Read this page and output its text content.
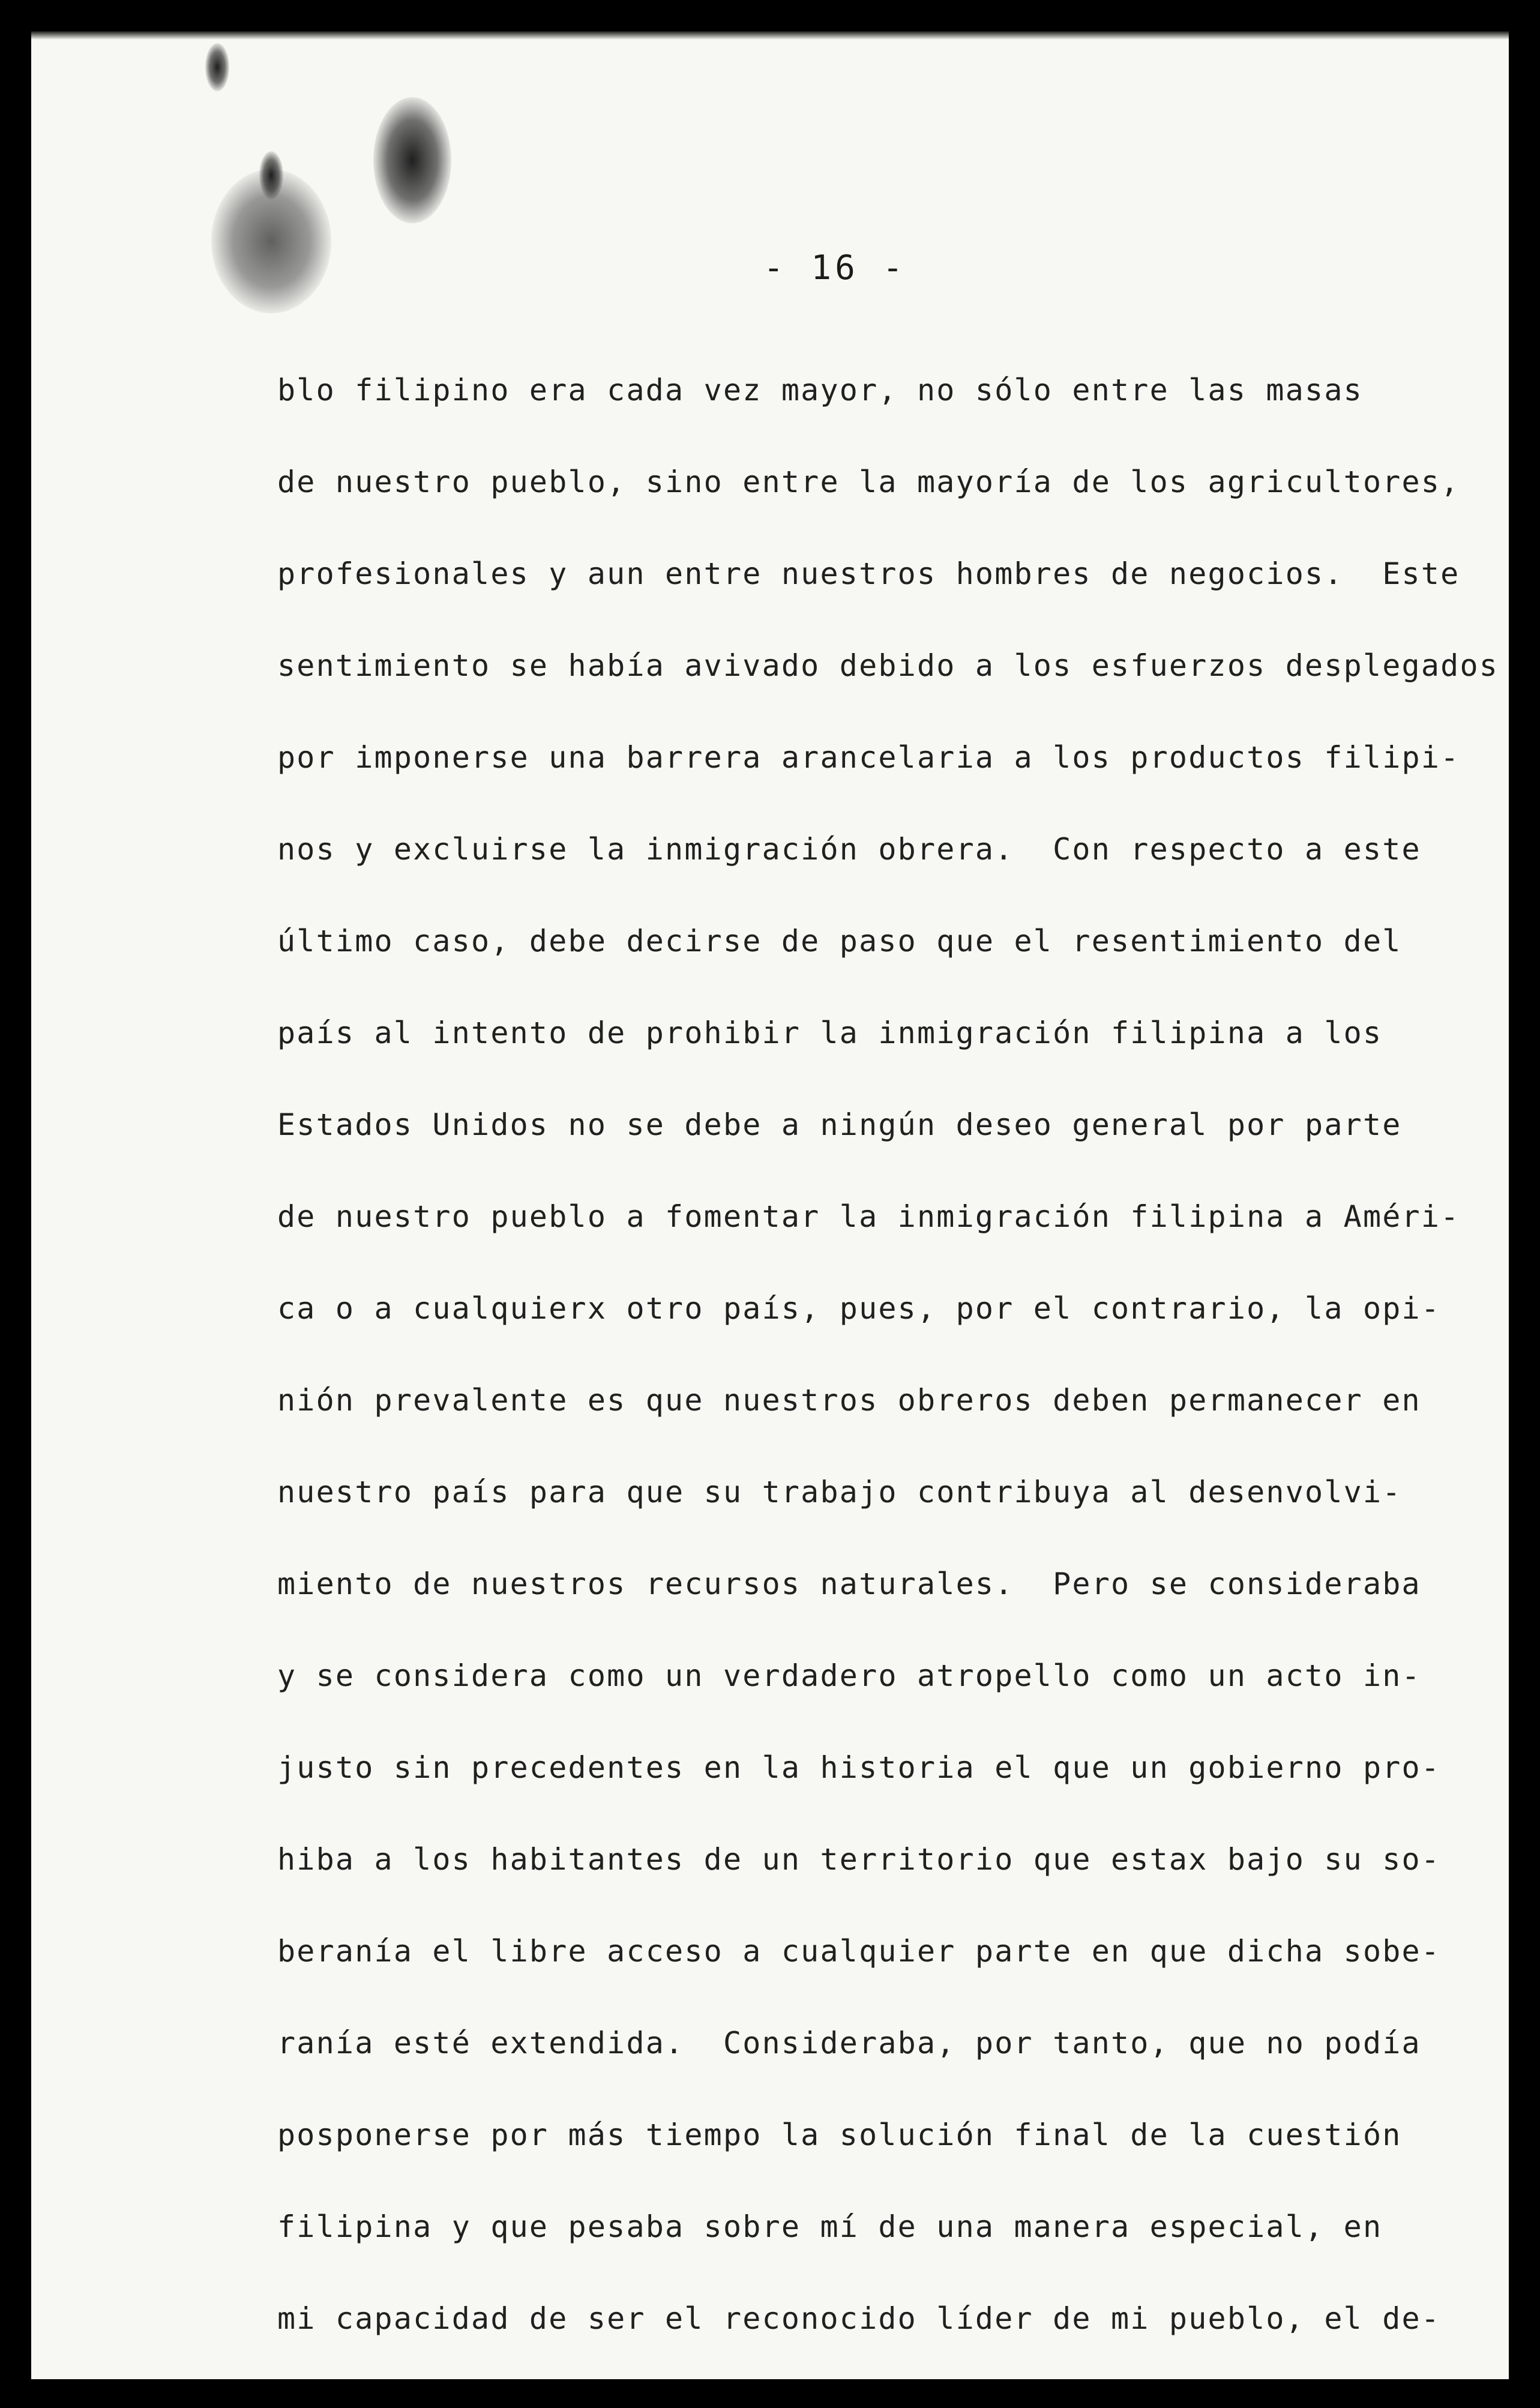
- 16 -
blo filipino era cada vez mayor, no sólo entre las masas
de nuestro pueblo, sino entre la mayoría de los agricultores,
profesionales y aun entre nuestros hombres de negocios.  Este
sentimiento se había avivado debido a los esfuerzos desplegados
por imponerse una barrera arancelaria a los productos filipi-
nos y excluirse la inmigración obrera.  Con respecto a este
último caso, debe decirse de paso que el resentimiento del
país al intento de prohibir la inmigración filipina a los
Estados Unidos no se debe a ningún deseo general por parte
de nuestro pueblo a fomentar la inmigración filipina a Améri-
ca o a cualquierx otro país, pues, por el contrario, la opi-
nión prevalente es que nuestros obreros deben permanecer en
nuestro país para que su trabajo contribuya al desenvolvi-
miento de nuestros recursos naturales.  Pero se consideraba
y se considera como un verdadero atropello como un acto in-
justo sin precedentes en la historia el que un gobierno pro-
hiba a los habitantes de un territorio que estax bajo su so-
beranía el libre acceso a cualquier parte en que dicha sobe-
ranía esté extendida.  Consideraba, por tanto, que no podía
posponerse por más tiempo la solución final de la cuestión
filipina y que pesaba sobre mí de una manera especial, en
mi capacidad de ser el reconocido líder de mi pueblo, el de-
